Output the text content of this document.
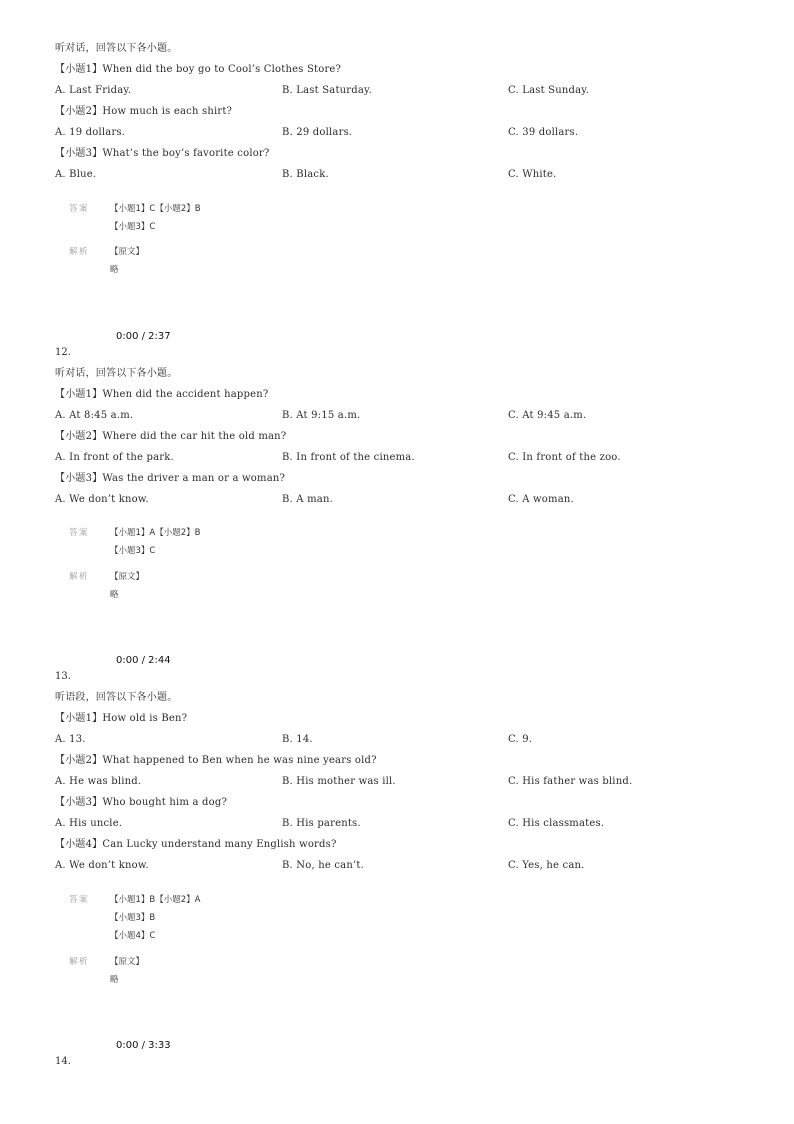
听对话，回答以下各小题。
【小题1】When did the boy go to Cool’s Clothes Store?
A. Last Friday.	B. Last Saturday.	C. Last Sunday.
【小题2】How much is each shirt?
A. 19 dollars.	B. 29 dollars.	C. 39 dollars.
【小题3】What’s the boy’s favorite color?
A. Blue.	B. Black.	C. White.
答案 【小题1】C【小题2】B
【小题3】C
解析 【原文】
略
0:00 / 2:37
12.
听对话，回答以下各小题。
【小题1】When did the accident happen?
A. At 8:45 a.m.	B. At 9:15 a.m.	C. At 9:45 a.m.
【小题2】Where did the car hit the old man?
A. In front of the park.	B. In front of the cinema.	C. In front of the zoo.
【小题3】Was the driver a man or a woman?
A. We don’t know.	B. A man.	C. A woman.
答案 【小题1】A【小题2】B
【小题3】C
解析 【原文】
略
0:00 / 2:44
13.
听语段，回答以下各小题。
【小题1】How old is Ben?
A. 13.	B. 14.	C. 9.
【小题2】What happened to Ben when he was nine years old?
A. He was blind.	B. His mother was ill.	C. His father was blind.
【小题3】Who bought him a dog?
A. His uncle.	B. His parents.	C. His classmates.
【小题4】Can Lucky understand many English words?
A. We don’t know.	B. No, he can’t.	C. Yes, he can.
答案 【小题1】B【小题2】A
【小题3】B
【小题4】C
解析 【原文】
略
0:00 / 3:33
14.
